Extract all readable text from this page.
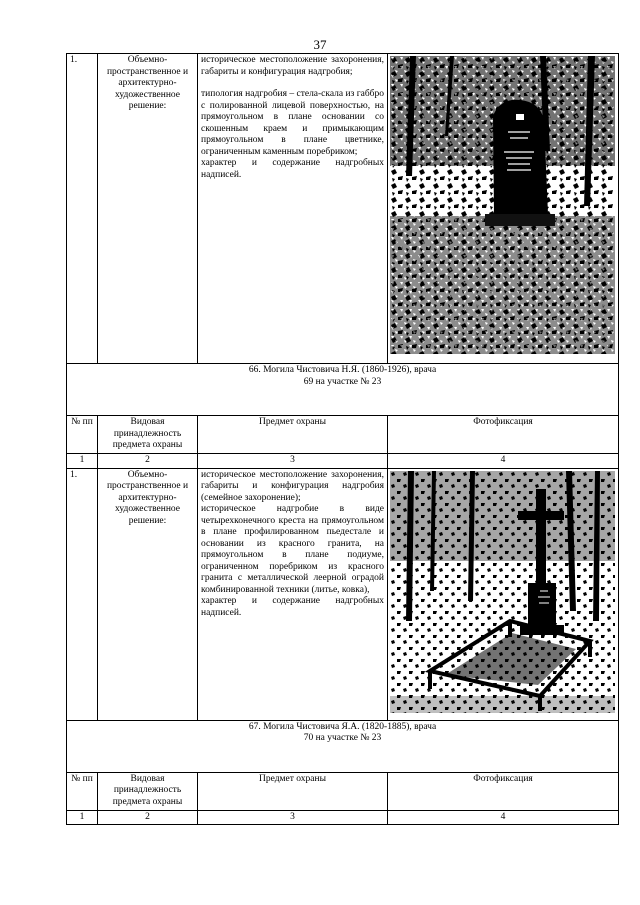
37
1.	Объемно-пространственное и архитектурно-художественное решение:	историческое местоположение захоронения, габариты и конфигурация надгробия;

типология надгробия – стела-скала из габбро с полированной лицевой поверхностью, на прямоугольном в плане основании со скошенным краем и примыкающим прямоугольном в плане цветнике, ограниченным каменным поребриком;

характер и содержание надгробных надписей.

66. Могила Чистовича Н.Я. (1860-1926), врача
69 на участке № 23			

№ пп	Видовая принадлежность предмета охраны	Предмет охраны	Фотофиксация
1	2	3	4
1.	Объемно-пространственное и архитектурно-художественное решение:	историческое местоположение захоронения, габариты и конфигурация надгробия (семейное захоронение);

историческое надгробие в виде четырехконечного креста на прямоугольном в плане профилированном пьедестале и основании из красного гранита, на прямоугольном в плане подиуме, ограниченном поребриком из красного гранита с металлической леерной оградой комбинированной техники (литье, ковка),

характер и содержание надгробных надписей.

67. Могила Чистовича Я.А. (1820-1885), врача
70 на участке № 23			

№ пп	Видовая принадлежность предмета охраны	Предмет охраны	Фотофиксация
1	2	3	4
